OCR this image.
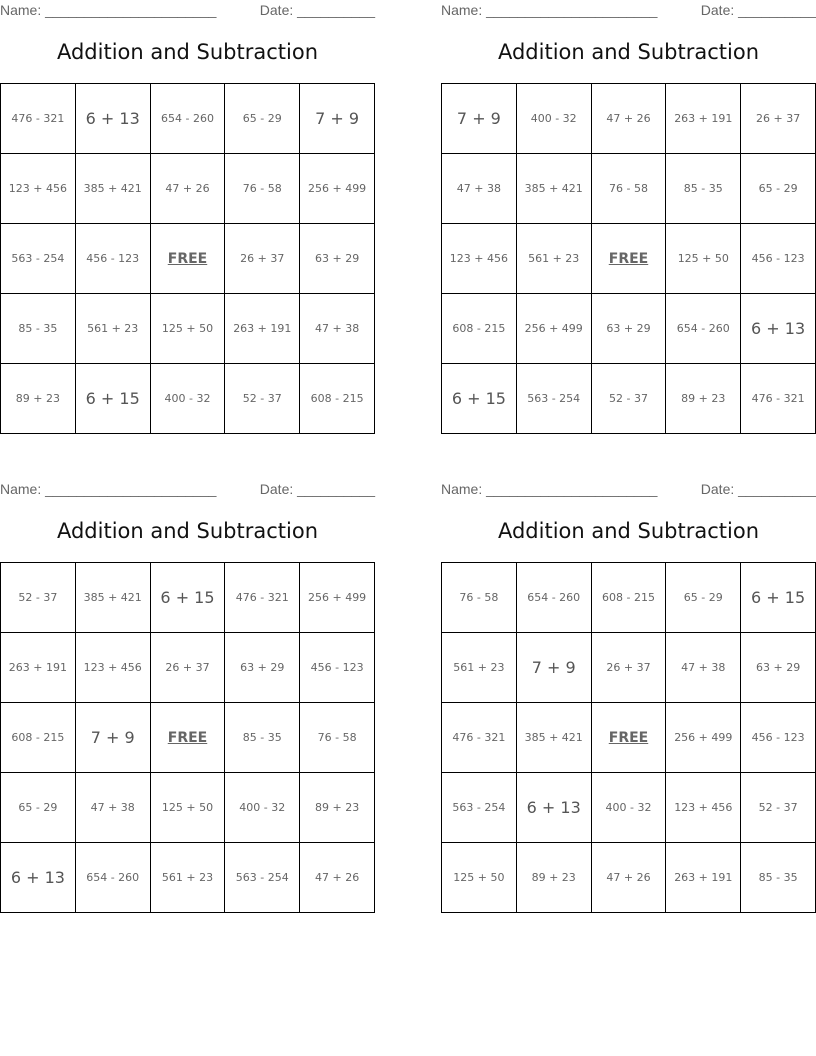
Name: ______________________	Date: __________
Addition and Subtraction
476 - 321	6 + 13	654 - 260	65 - 29	7 + 9
123 + 456	385 + 421	47 + 26	76 - 58	256 + 499
563 - 254	456 - 123	FREE	26 + 37	63 + 29
85 - 35	561 + 23	125 + 50	263 + 191	47 + 38
89 + 23	6 + 15	400 - 32	52 - 37	608 - 215
Name: ______________________	Date: __________
Addition and Subtraction
7 + 9	400 - 32	47 + 26	263 + 191	26 + 37
47 + 38	385 + 421	76 - 58	85 - 35	65 - 29
123 + 456	561 + 23	FREE	125 + 50	456 - 123
608 - 215	256 + 499	63 + 29	654 - 260	6 + 13
6 + 15	563 - 254	52 - 37	89 + 23	476 - 321
Name: ______________________	Date: __________
Addition and Subtraction
52 - 37	385 + 421	6 + 15	476 - 321	256 + 499
263 + 191	123 + 456	26 + 37	63 + 29	456 - 123
608 - 215	7 + 9	FREE	85 - 35	76 - 58
65 - 29	47 + 38	125 + 50	400 - 32	89 + 23
6 + 13	654 - 260	561 + 23	563 - 254	47 + 26
Name: ______________________	Date: __________
Addition and Subtraction
76 - 58	654 - 260	608 - 215	65 - 29	6 + 15
561 + 23	7 + 9	26 + 37	47 + 38	63 + 29
476 - 321	385 + 421	FREE	256 + 499	456 - 123
563 - 254	6 + 13	400 - 32	123 + 456	52 - 37
125 + 50	89 + 23	47 + 26	263 + 191	85 - 35
